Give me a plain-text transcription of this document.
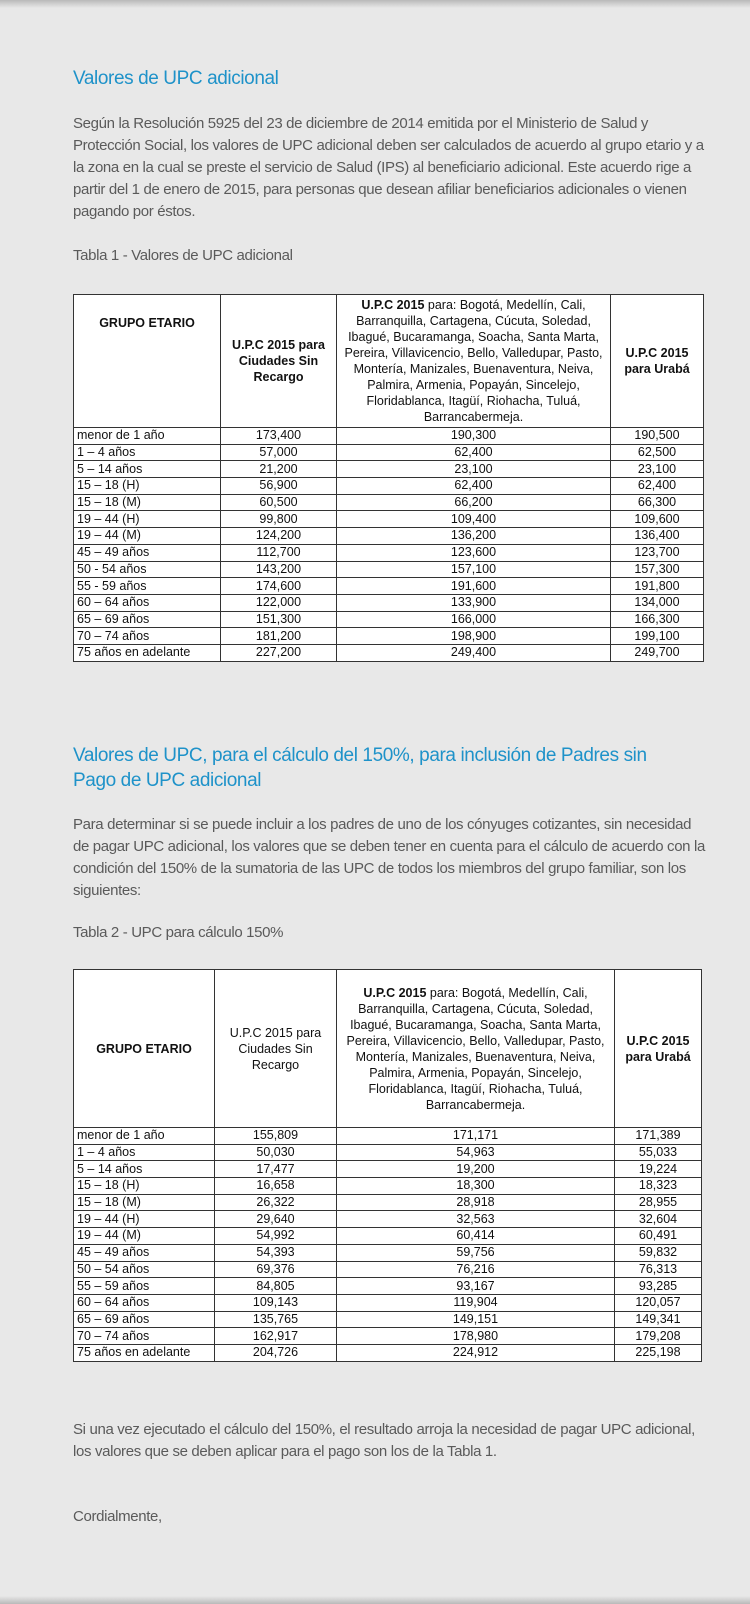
Valores de UPC adicional

Según la Resolución 5925 del 23 de diciembre de 2014 emitida por el Ministerio de Salud y Protección Social, los valores de UPC adicional deben ser calculados de acuerdo al grupo etario y a la zona en la cual se preste el servicio de Salud (IPS) al beneficiario adicional. Este acuerdo rige a partir del 1 de enero de 2015, para personas que desean afiliar beneficiarios adicionales o vienen pagando por éstos.

Tabla 1 - Valores de UPC adicional
GRUPO ETARIO	U.P.C 2015 para Ciudades Sin Recargo	U.P.C 2015 para: Bogotá, Medellín, Cali, Barranquilla, Cartagena, Cúcuta, Soledad, Ibagué, Bucaramanga, Soacha, Santa Marta, Pereira, Villavicencio, Bello, Valledupar, Pasto, Montería, Manizales, Buenaventura, Neiva, Palmira, Armenia, Popayán, Sincelejo, Floridablanca, Itagüí, Riohacha, Tuluá, Barrancabermeja.	U.P.C 2015 para Urabá
menor de 1 año	173,400	190,300	190,500
1 – 4 años	57,000	62,400	62,500
5 – 14 años	21,200	23,100	23,100
15 – 18 (H)	56,900	62,400	62,400
15 – 18 (M)	60,500	66,200	66,300
19 – 44 (H)	99,800	109,400	109,600
19 – 44 (M)	124,200	136,200	136,400
45 – 49 años	112,700	123,600	123,700
50 - 54 años	143,200	157,100	157,300
55 - 59 años	174,600	191,600	191,800
60 – 64 años	122,000	133,900	134,000
65 – 69 años	151,300	166,000	166,300
70 – 74 años	181,200	198,900	199,100
75 años en adelante	227,200	249,400	249,700
Valores de UPC, para el cálculo del 150%, para inclusión de Padres sin Pago de UPC adicional

Para determinar si se puede incluir a los padres de uno de los cónyuges cotizantes, sin necesidad de pagar UPC adicional, los valores que se deben tener en cuenta para el cálculo de acuerdo con la condición del 150% de la sumatoria de las UPC de todos los miembros del grupo familiar, son los siguientes:

Tabla 2 - UPC para cálculo 150%
GRUPO ETARIO	U.P.C 2015 para Ciudades Sin Recargo	U.P.C 2015 para: Bogotá, Medellín, Cali, Barranquilla, Cartagena, Cúcuta, Soledad, Ibagué, Bucaramanga, Soacha, Santa Marta, Pereira, Villavicencio, Bello, Valledupar, Pasto, Montería, Manizales, Buenaventura, Neiva, Palmira, Armenia, Popayán, Sincelejo, Floridablanca, Itagüí, Riohacha, Tuluá, Barrancabermeja.	U.P.C 2015 para Urabá
menor de 1 año	155,809	171,171	171,389
1 – 4 años	50,030	54,963	55,033
5 – 14 años	17,477	19,200	19,224
15 – 18 (H)	16,658	18,300	18,323
15 – 18 (M)	26,322	28,918	28,955
19 – 44 (H)	29,640	32,563	32,604
19 – 44 (M)	54,992	60,414	60,491
45 – 49 años	54,393	59,756	59,832
50 – 54 años	69,376	76,216	76,313
55 – 59 años	84,805	93,167	93,285
60 – 64 años	109,143	119,904	120,057
65 – 69 años	135,765	149,151	149,341
70 – 74 años	162,917	178,980	179,208
75 años en adelante	204,726	224,912	225,198

Si una vez ejecutado el cálculo del 150%, el resultado arroja la necesidad de pagar UPC adicional, los valores que se deben aplicar para el pago son los de la Tabla 1.

Cordialmente,
